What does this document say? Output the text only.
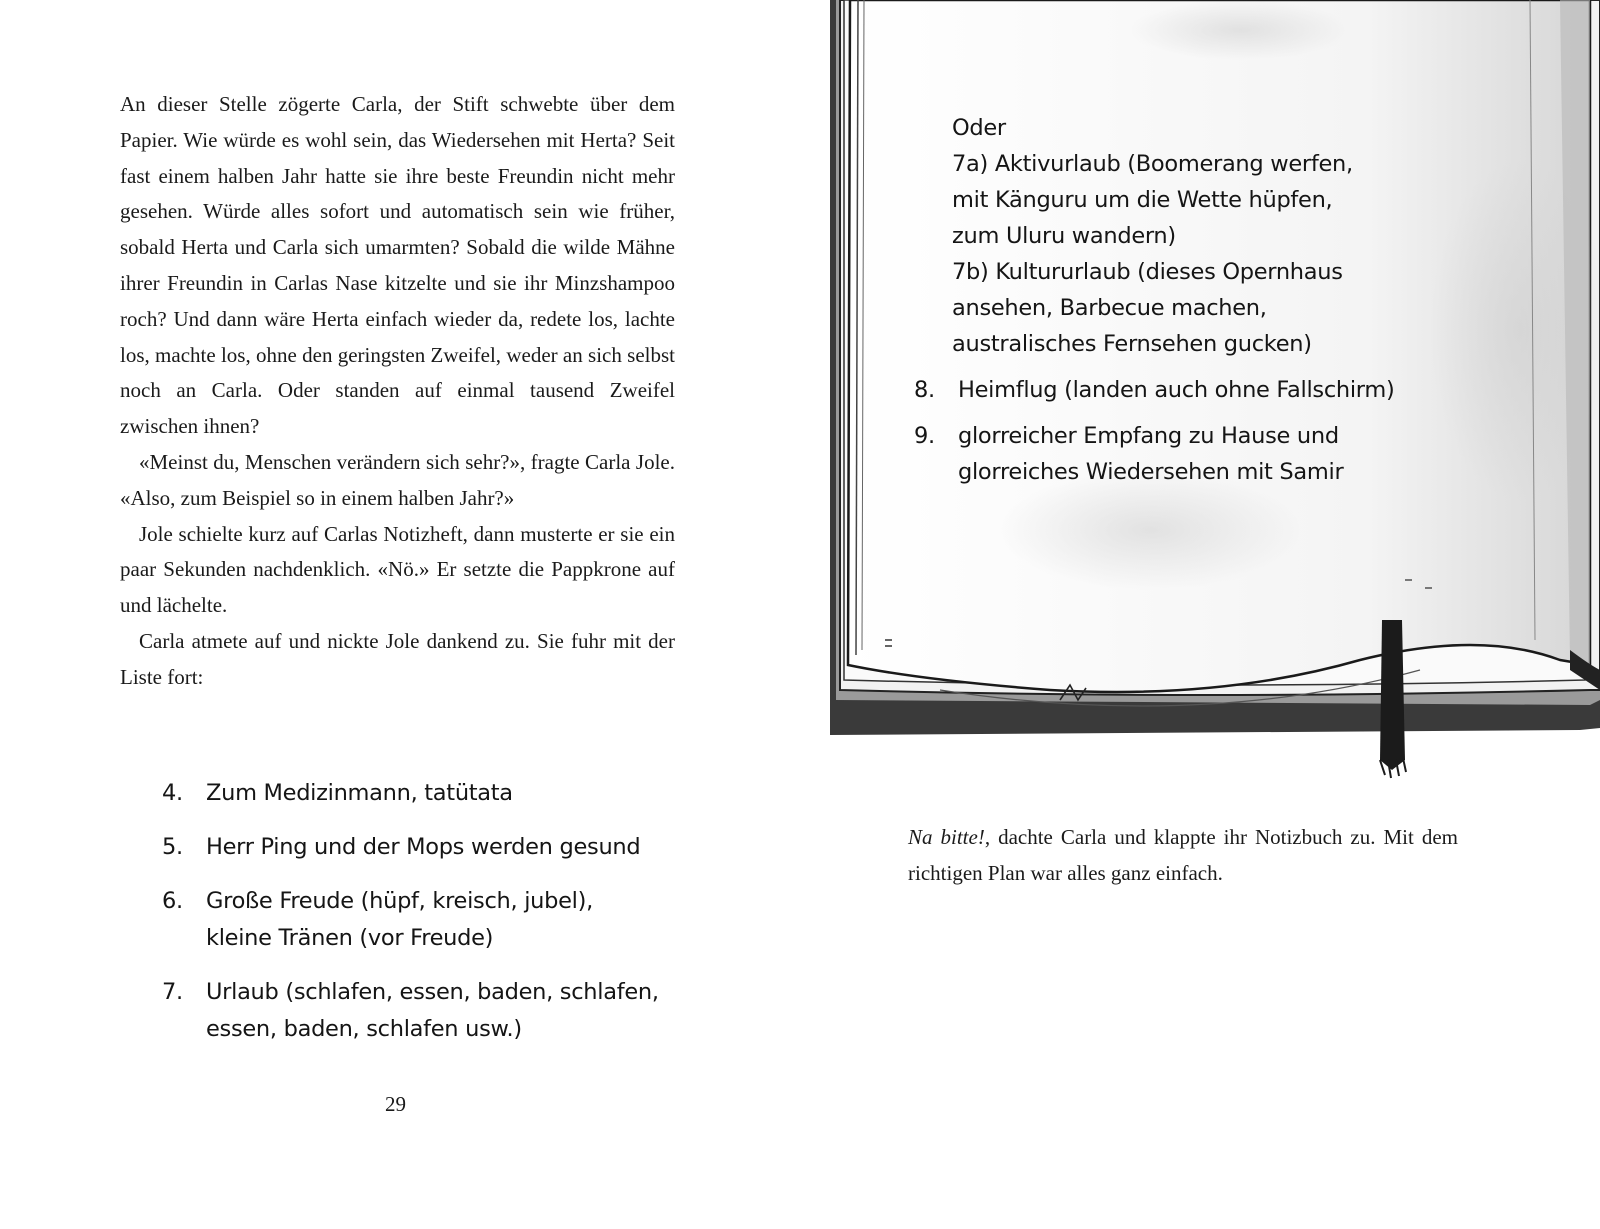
An dieser Stelle zögerte Carla, der Stift schwebte über dem Papier. Wie würde es wohl sein, das Wiedersehen mit Herta? Seit fast einem halben Jahr hatte sie ihre beste Freundin nicht mehr gesehen. Würde alles sofort und automatisch sein wie früher, sobald Herta und Carla sich umarmten? Sobald die wilde Mähne ihrer Freundin in Carlas Nase kitzelte und sie ihr Minzshampoo roch? Und dann wäre Herta einfach wieder da, redete los, lachte los, machte los, ohne den geringsten Zweifel, weder an sich selbst noch an Carla. Oder standen auf einmal tausend Zweifel zwischen ihnen?

«Meinst du, Menschen verändern sich sehr?», fragte Carla Jole. «Also, zum Beispiel so in einem halben Jahr?»

Jole schielte kurz auf Carlas Notizheft, dann musterte er sie ein paar Sekunden nachdenklich. «Nö.» Er setzte die Pappkrone auf und lächelte.

Carla atmete auf und nickte Jole dankend zu. Sie fuhr mit der Liste fort:

4.	Zum Medizinmann, tatütata
5.	Herr Ping und der Mops werden gesund
6.	Große Freude (hüpf, kreisch, jubel),
kleine Tränen (vor Freude)
7.	Urlaub (schlafen, essen, baden, schlafen,
essen, baden, schlafen usw.)
29
Oder
7a) Aktivurlaub (Boomerang werfen,
mit Känguru um die Wette hüpfen,
zum Uluru wandern)
7b) Kultururlaub (dieses Opernhaus
ansehen, Barbecue machen,
australisches Fernsehen gucken)
8.	Heimflug (landen auch ohne Fallschirm)
9.	glorreicher Empfang zu Hause und
glorreiches Wiedersehen mit Samir

Na bitte!, dachte Carla und klappte ihr Notizbuch zu. Mit dem richtigen Plan war alles ganz einfach.
